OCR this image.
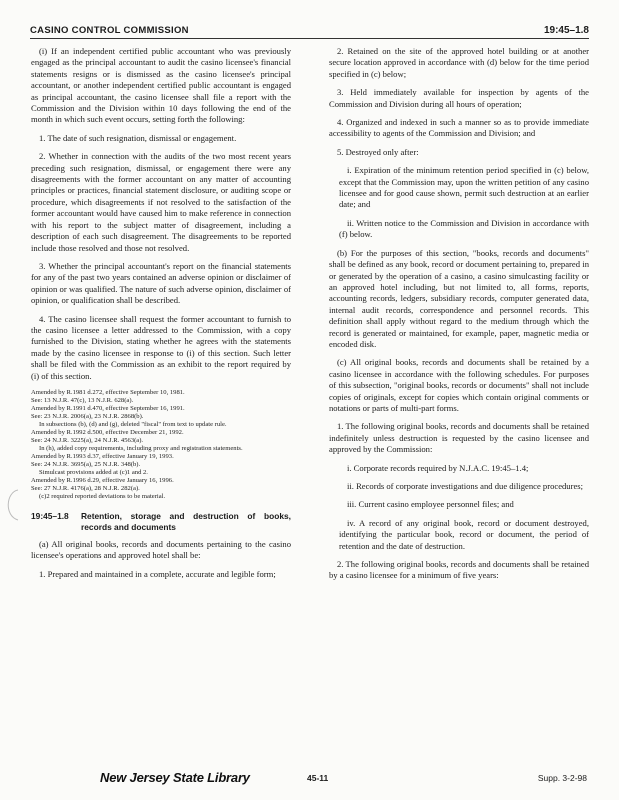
CASINO CONTROL COMMISSION	19:45–1.8

(i) If an independent certified public accountant who was previously engaged as the principal accountant to audit the casino licensee's financial statements resigns or is dismissed as the casino licensee's principal accountant, or another independent certified public accountant is engaged as principal accountant, the casino licensee shall file a report with the Commission and the Division within 10 days following the end of the month in which such event occurs, setting forth the following:

1. The date of such resignation, dismissal or engagement.

2. Whether in connection with the audits of the two most recent years preceding such resignation, dismissal, or engagement there were any disagreements with the former accountant on any matter of accounting principles or practices, financial statement disclosure, or auditing scope or procedure, which disagreements if not resolved to the satisfaction of the former accountant would have caused him to make reference in connection with his report to the subject matter of disagreement, including a description of each such disagreement. The disagreements to be reported include those resolved and those not resolved.

3. Whether the principal accountant's report on the financial statements for any of the past two years contained an adverse opinion or disclaimer of opinion or was qualified. The nature of such adverse opinion, disclaimer of opinion, or qualification shall be described.

4. The casino licensee shall request the former accountant to furnish to the casino licensee a letter addressed to the Commission, with a copy furnished to the Division, stating whether he agrees with the statements made by the casino licensee in response to (i) of this section. Such letter shall be filed with the Commission as an exhibit to the report required by (i) of this section.

Amended by R.1981 d.272, effective September 10, 1981.

See: 13 N.J.R. 47(c), 13 N.J.R. 628(a).

Amended by R.1991 d.470, effective September 16, 1991.

See: 23 N.J.R. 2006(a), 23 N.J.R. 2868(b).

In subsections (b), (d) and (g), deleted "fiscal" from text to update rule.

Amended by R.1992 d.500, effective December 21, 1992.

See: 24 N.J.R. 3225(a), 24 N.J.R. 4563(a).

In (h), added copy requirements, including proxy and registration statements.

Amended by R.1993 d.37, effective January 19, 1993.

See: 24 N.J.R. 3695(a), 25 N.J.R. 348(b).

Simulcast provisions added at (c)1 and 2.

Amended by R.1996 d.29, effective January 16, 1996.

See: 27 N.J.R. 4176(a), 28 N.J.R. 282(a).

(c)2 required reported deviations to be material.

19:45–1.8	Retention, storage and destruction of books, records and documents

(a) All original books, records and documents pertaining to the casino licensee's operations and approved hotel shall be:

1. Prepared and maintained in a complete, accurate and legible form;

2. Retained on the site of the approved hotel building or at another secure location approved in accordance with (d) below for the time period specified in (c) below;

3. Held immediately available for inspection by agents of the Commission and Division during all hours of operation;

4. Organized and indexed in such a manner so as to provide immediate accessibility to agents of the Commission and Division; and

5. Destroyed only after:

i. Expiration of the minimum retention period specified in (c) below, except that the Commission may, upon the written petition of any casino licensee and for good cause shown, permit such destruction at an earlier date; and

ii. Written notice to the Commission and Division in accordance with (f) below.

(b) For the purposes of this section, "books, records and documents" shall be defined as any book, record or document pertaining to, prepared in or generated by the operation of a casino, a casino simulcasting facility or an approved hotel including, but not limited to, all forms, reports, accounting records, ledgers, subsidiary records, computer generated data, internal audit records, correspondence and personnel records. This definition shall apply without regard to the medium through which the record is generated or maintained, for example, paper, magnetic media or encoded disk.

(c) All original books, records and documents shall be retained by a casino licensee in accordance with the following schedules. For purposes of this subsection, "original books, records or documents" shall not include copies of originals, except for copies which contain original comments or notations or parts of multi-part forms.

1. The following original books, records and documents shall be retained indefinitely unless destruction is requested by the casino licensee and approved by the Commission:

i. Corporate records required by N.J.A.C. 19:45–1.4;

ii. Records of corporate investigations and due diligence procedures;

iii. Current casino employee personnel files; and

iv. A record of any original book, record or document destroyed, identifying the particular book, record or document, the period of retention and the date of destruction.

2. The following original books, records and documents shall be retained by a casino licensee for a minimum of five years:

New Jersey State Library	45-11	Supp. 3-2-98
